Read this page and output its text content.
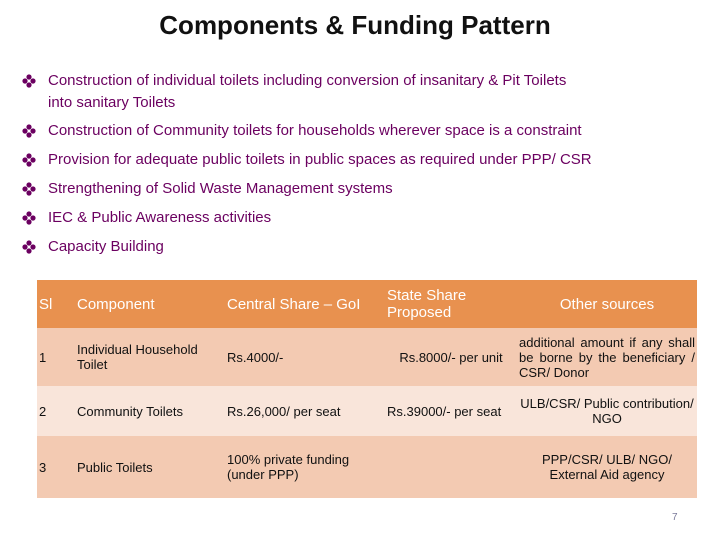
Components & Funding Pattern
Construction of individual toilets including conversion of insanitary & Pit Toilets
into sanitary Toilets
Construction of Community toilets for households wherever space is a constraint
Provision for adequate public toilets in public spaces as required under PPP/ CSR
Strengthening of Solid Waste Management systems
IEC & Public Awareness activities
Capacity Building
Sl	Component	Central Share – GoI	State Share Proposed	Other sources
1	Individual Household Toilet	Rs.4000/-	Rs.8000/- per unit	additional amount if any shall be borne by the beneficiary / CSR/ Donor
2	Community Toilets	Rs.26,000/ per seat	Rs.39000/- per seat	ULB/CSR/ Public contribution/ NGO
3	Public Toilets	100% private funding (under PPP)		PPP/CSR/ ULB/ NGO/ External Aid agency
7
